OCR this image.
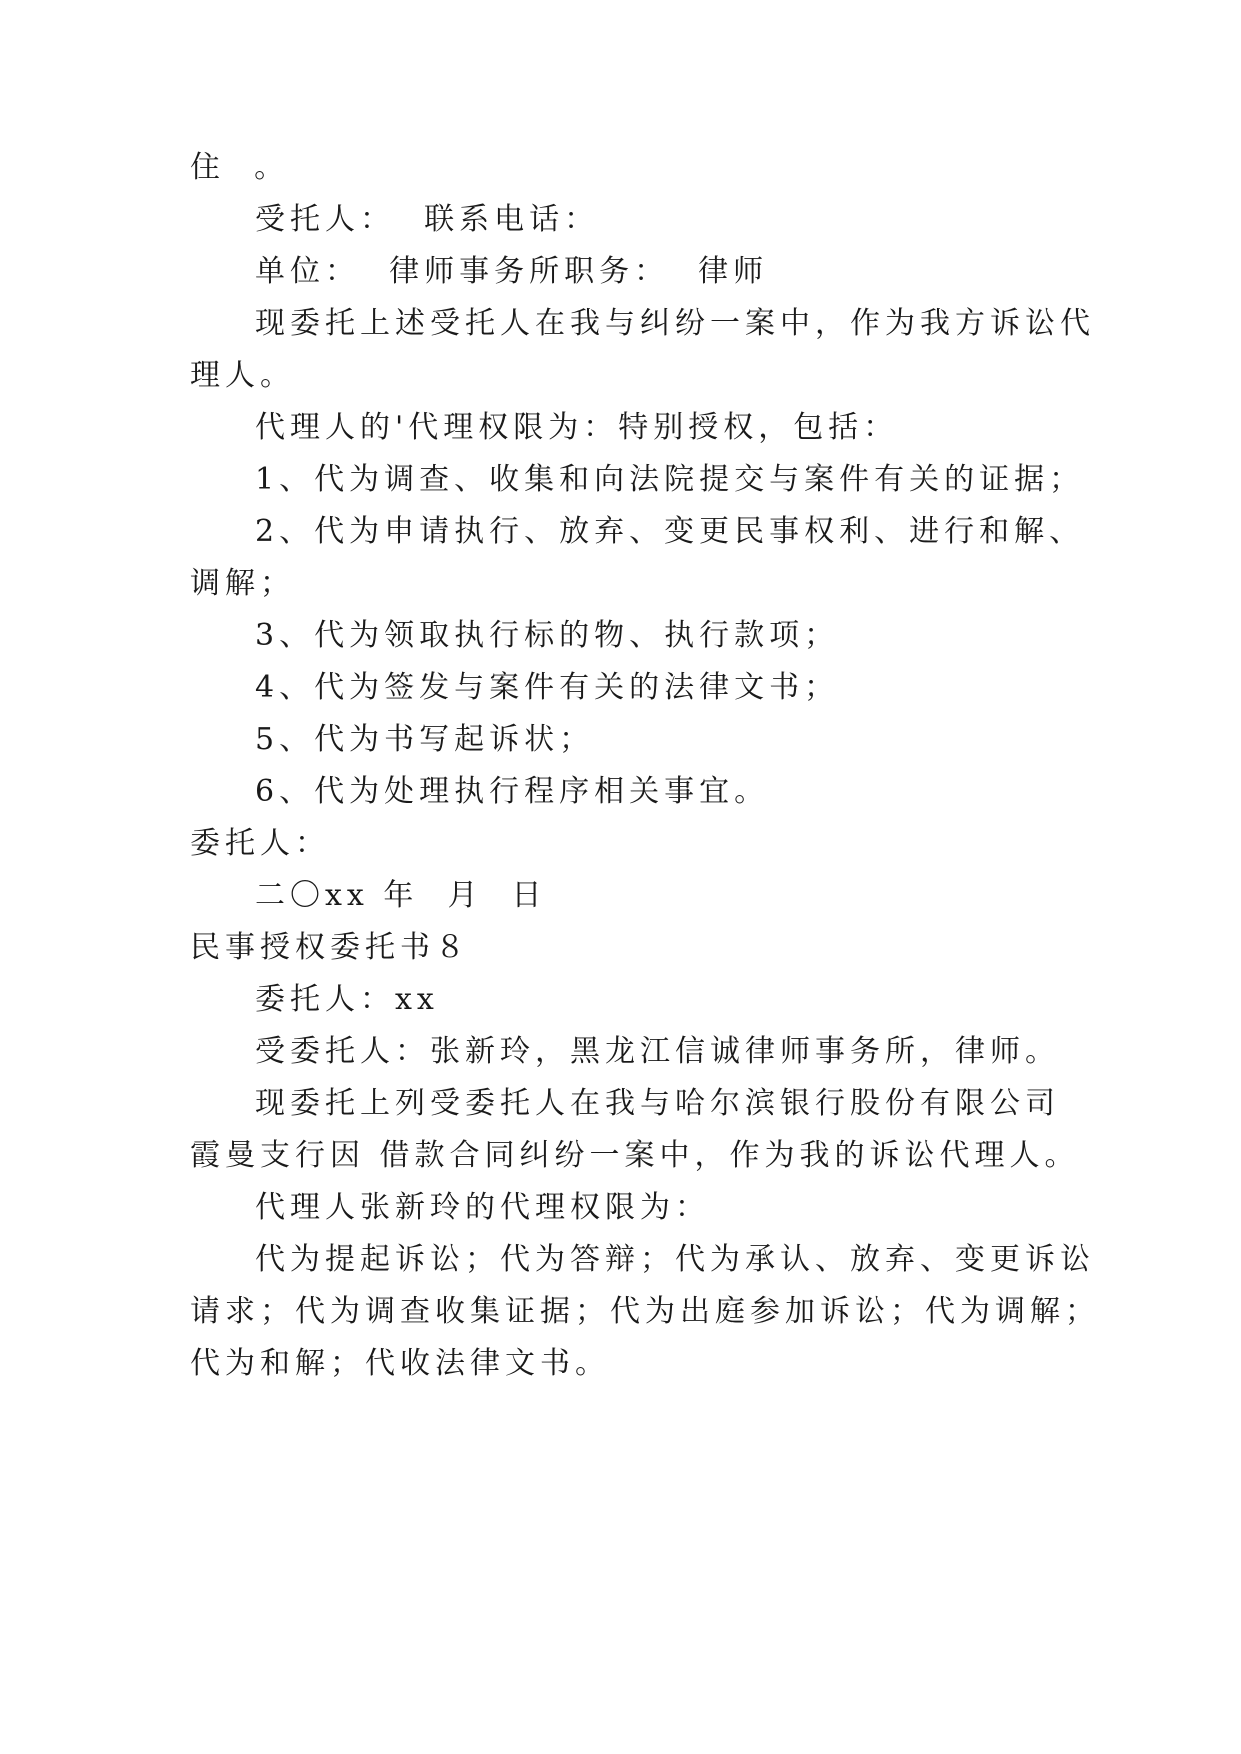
住  。
受托人：  联系电话：
单位：  律师事务所职务：  律师
现委托上述受托人在我与纠纷一案中，作为我方诉讼代
理人。
代理人的'代理权限为：特别授权，包括：
1、代为调查、收集和向法院提交与案件有关的证据；
2、代为申请执行、放弃、变更民事权利、进行和解、
调解；
3、代为领取执行标的物、执行款项；
4、代为签发与案件有关的法律文书；
5、代为书写起诉状；
6、代为处理执行程序相关事宜。
委托人：
二〇xx 年  月  日
民事授权委托书８
委托人：xx
受委托人：张新玲，黑龙江信诚律师事务所，律师。
现委托上列受委托人在我与哈尔滨银行股份有限公司
霞曼支行因 借款合同纠纷一案中，作为我的诉讼代理人。
代理人张新玲的代理权限为：
代为提起诉讼；代为答辩；代为承认、放弃、变更诉讼
请求；代为调查收集证据；代为出庭参加诉讼；代为调解；
代为和解；代收法律文书。
